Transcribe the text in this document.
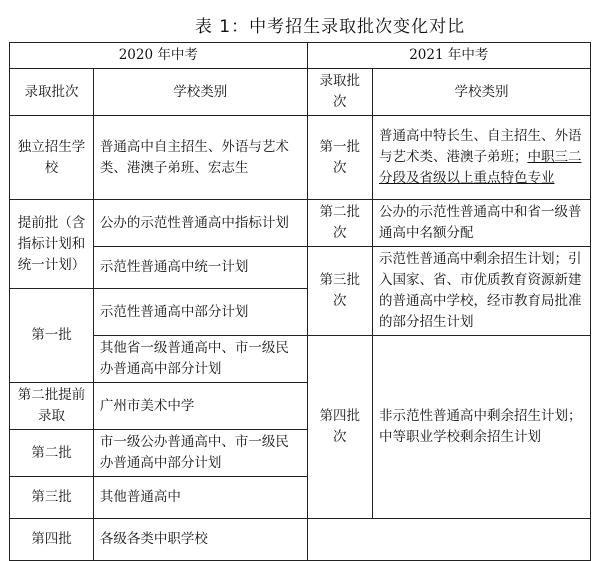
表 1：中考招生录取批次变化对比
2020 年中考		2021 年中考	
录取批次	学校类别	录取批次	学校类别
独立招生学校	普通高中自主招生、外语与艺术类、港澳子弟班、宏志生	第一批次	普通高中特长生、自主招生、外语与艺术类、港澳子弟班；中职三二分段及省级以上重点特色专业
提前批（含指标计划和统一计划）	公办的示范性普通高中指标计划	第二批次	公办的示范性普通高中和省一级普通高中名额分配
	示范性普通高中统一计划	第三批次	示范性普通高中剩余招生计划；引入国家、省、市优质教育资源新建的普通高中学校，经市教育局批准的部分招生计划
第一批	示范性普通高中部分计划		
	其他省一级普通高中、市一级民办普通高中部分计划	第四批次	非示范性普通高中剩余招生计划；中等职业学校剩余招生计划
第二批提前录取	广州市美术中学		
第二批	市一级公办普通高中、市一级民办普通高中部分计划		
第三批	其他普通高中		
第四批	各级各类中职学校		
